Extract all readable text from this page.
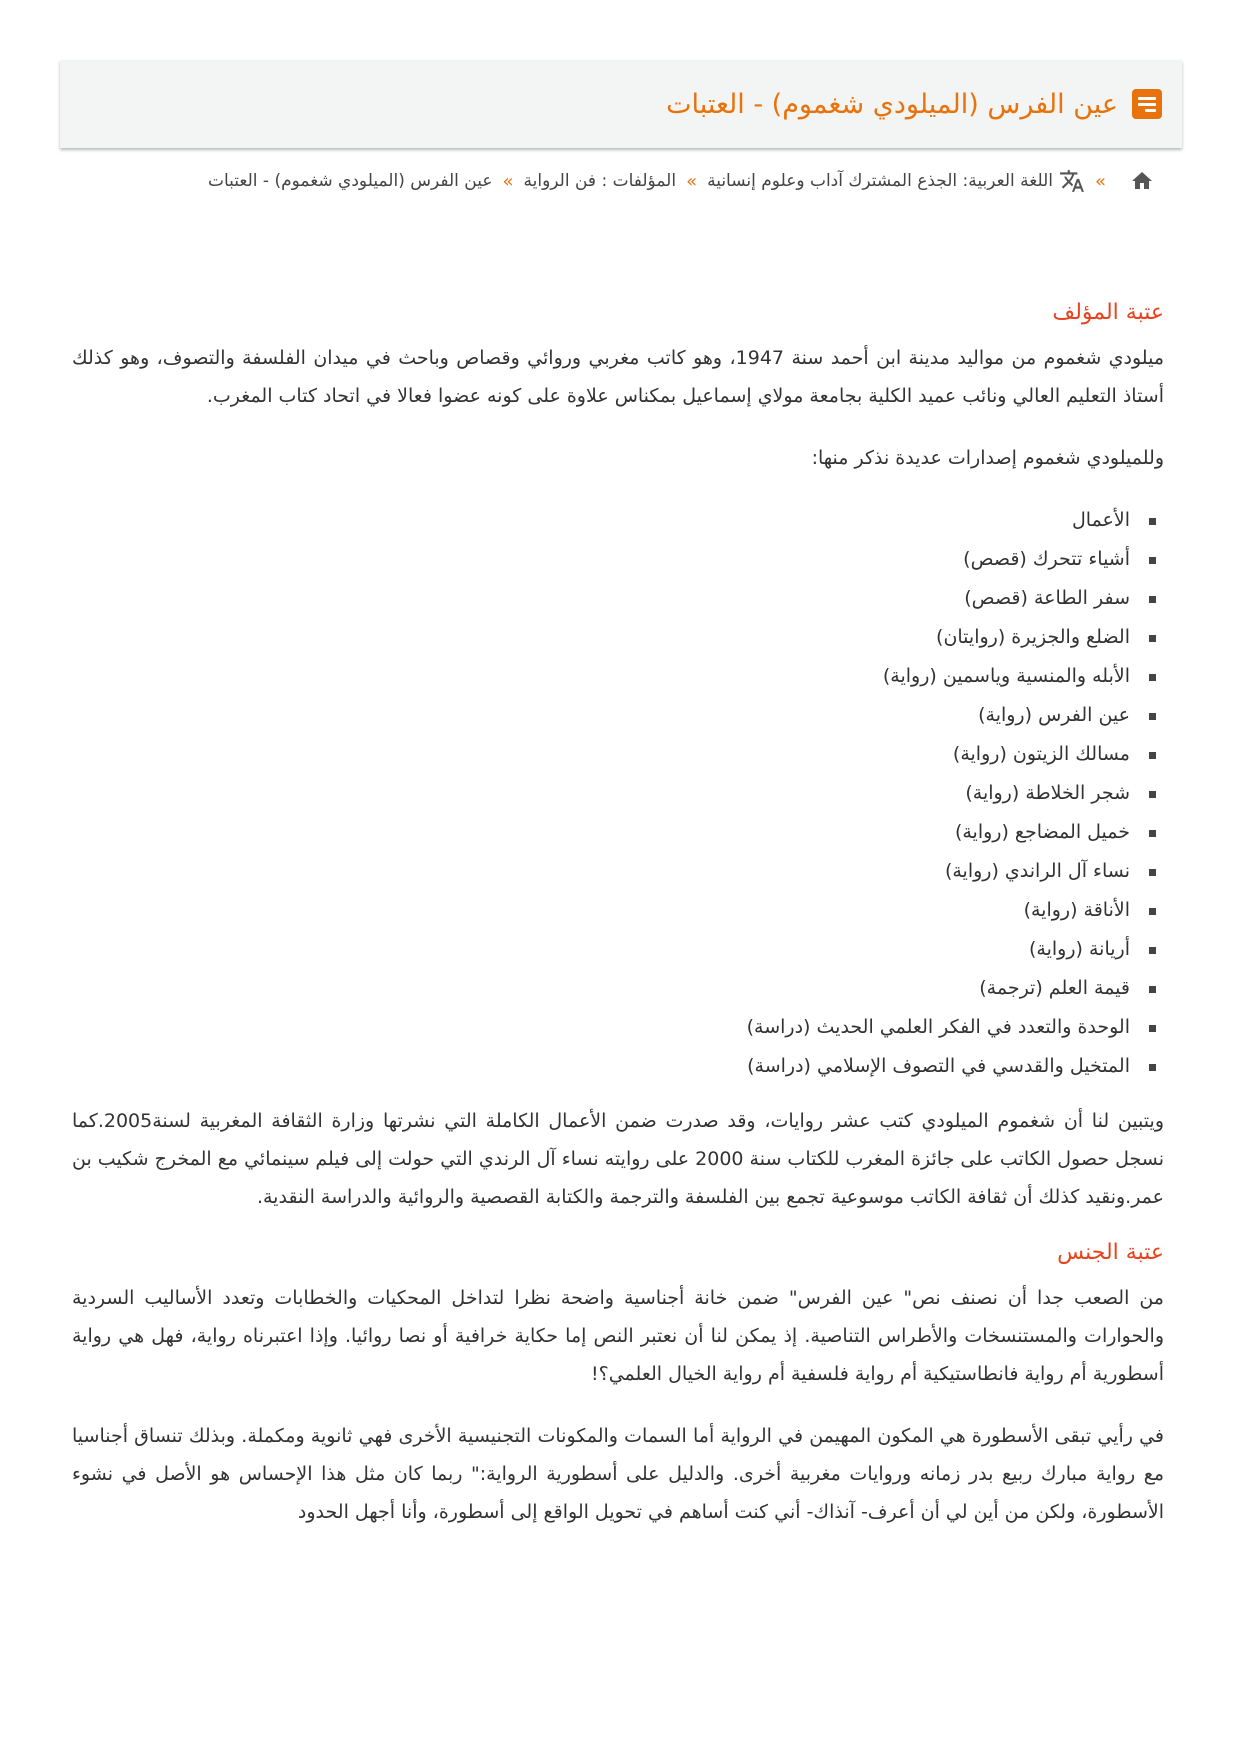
عين الفرس (الميلودي شغموم) - العتبات
»
اللغة العربية: الجذع المشترك آداب وعلوم إنسانية
»
المؤلفات : فن الرواية
»
عين الفرس (الميلودي شغموم) - العتبات
عتبة المؤلف

ميلودي شغموم من مواليد مدينة ابن أحمد سنة 1947، وهو كاتب مغربي وروائي وقصاص وباحث في ميدان الفلسفة والتصوف، وهو كذلك أستاذ التعليم العالي ونائب عميد الكلية بجامعة مولاي إسماعيل بمكناس علاوة على كونه عضوا فعالا في اتحاد كتاب المغرب.

وللميلودي شغموم إصدارات عديدة نذكر منها:

الأعمال
أشياء تتحرك (قصص)
سفر الطاعة (قصص)
الضلع والجزيرة (روايتان)
الأبله والمنسية وياسمين (رواية)
عين الفرس (رواية)
مسالك الزيتون (رواية)
شجر الخلاطة (رواية)
خميل المضاجع (رواية)
نساء آل الراندي (رواية)
الأناقة (رواية)
أريانة (رواية)
قيمة العلم (ترجمة)
الوحدة والتعدد في الفكر العلمي الحديث (دراسة)
المتخيل والقدسي في التصوف الإسلامي (دراسة)

ويتبين لنا أن شغموم الميلودي كتب عشر روايات، وقد صدرت ضمن الأعمال الكاملة التي نشرتها وزارة الثقافة المغربية لسنة2005.كما نسجل حصول الكاتب على جائزة المغرب للكتاب سنة 2000 على روايته نساء آل الرندي التي حولت إلى فيلم سينمائي مع المخرج شكيب بن عمر.ونقيد كذلك أن ثقافة الكاتب موسوعية تجمع بين الفلسفة والترجمة والكتابة القصصية والروائية والدراسة النقدية.

عتبة الجنس

من الصعب جدا أن نصنف نص" عين الفرس" ضمن خانة أجناسية واضحة نظرا لتداخل المحكيات والخطابات وتعدد الأساليب السردية والحوارات والمستنسخات والأطراس التناصية. إذ يمكن لنا أن نعتبر النص إما حكاية خرافية أو نصا روائيا. وإذا اعتبرناه رواية، فهل هي رواية أسطورية أم رواية فانطاستيكية أم رواية فلسفية أم رواية الخيال العلمي؟!

في رأيي تبقى الأسطورة هي المكون المهيمن في الرواية أما السمات والمكونات التجنيسية الأخرى فهي ثانوية ومكملة. وبذلك تنساق أجناسيا مع رواية مبارك ربيع بدر زمانه وروايات مغربية أخرى. والدليل على أسطورية الرواية:" ربما كان مثل هذا الإحساس هو الأصل في نشوء الأسطورة، ولكن من أين لي أن أعرف- آنذاك- أني كنت أساهم في تحويل الواقع إلى أسطورة، وأنا أجهل الحدود
